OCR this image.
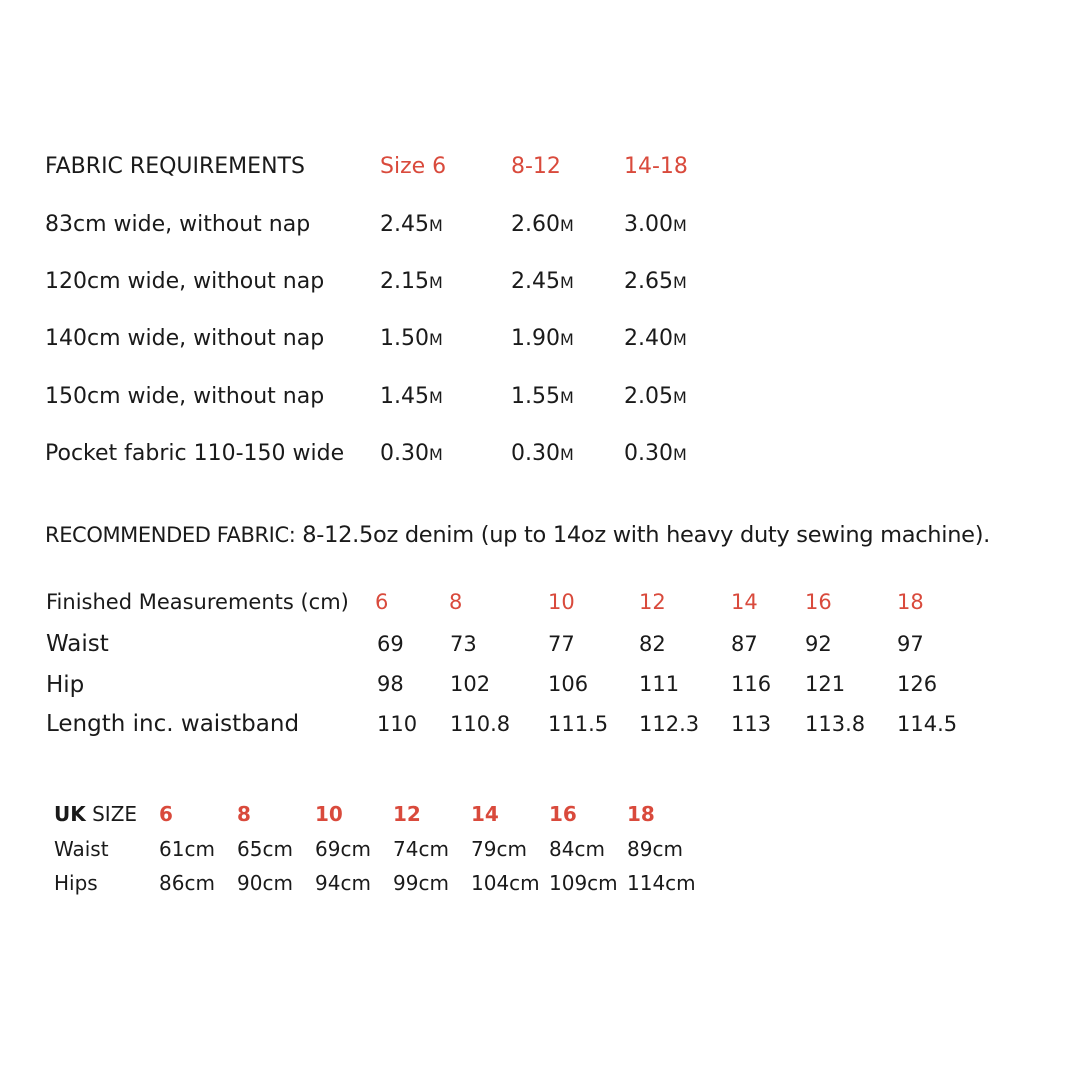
FABRIC REQUIREMENTS	Size 6	8-12	14-18
83cm wide, without nap	2.45M	2.60M 3.00M
120cm wide, without nap	2.15M	2.45M 2.65M
140cm wide, without nap	1.50M	1.90M 2.40M
150cm wide, without nap	1.45M	1.55M 2.05M
Pocket fabric 110-150 wide 0.30M	0.30M 0.30M
RECOMMENDED FABRIC: 8-12.5oz denim (up to 14oz with heavy duty sewing machine).
Finished Measurements (cm) 6	8	10	12	14 16	18
Waist	69 73	77	82	87 92	97
Hip	98 102	106 111 116 121 126
Length inc. waistband	110 110.8 111.5 112.3 113 113.8 114.5
UK SIZE 6	8	10	12	14	16	18
Waist	61cm 65cm 69cm 74cm 79cm 84cm 89cm
Hips	86cm 90cm 94cm 99cm 104cm 109cm 114cm
